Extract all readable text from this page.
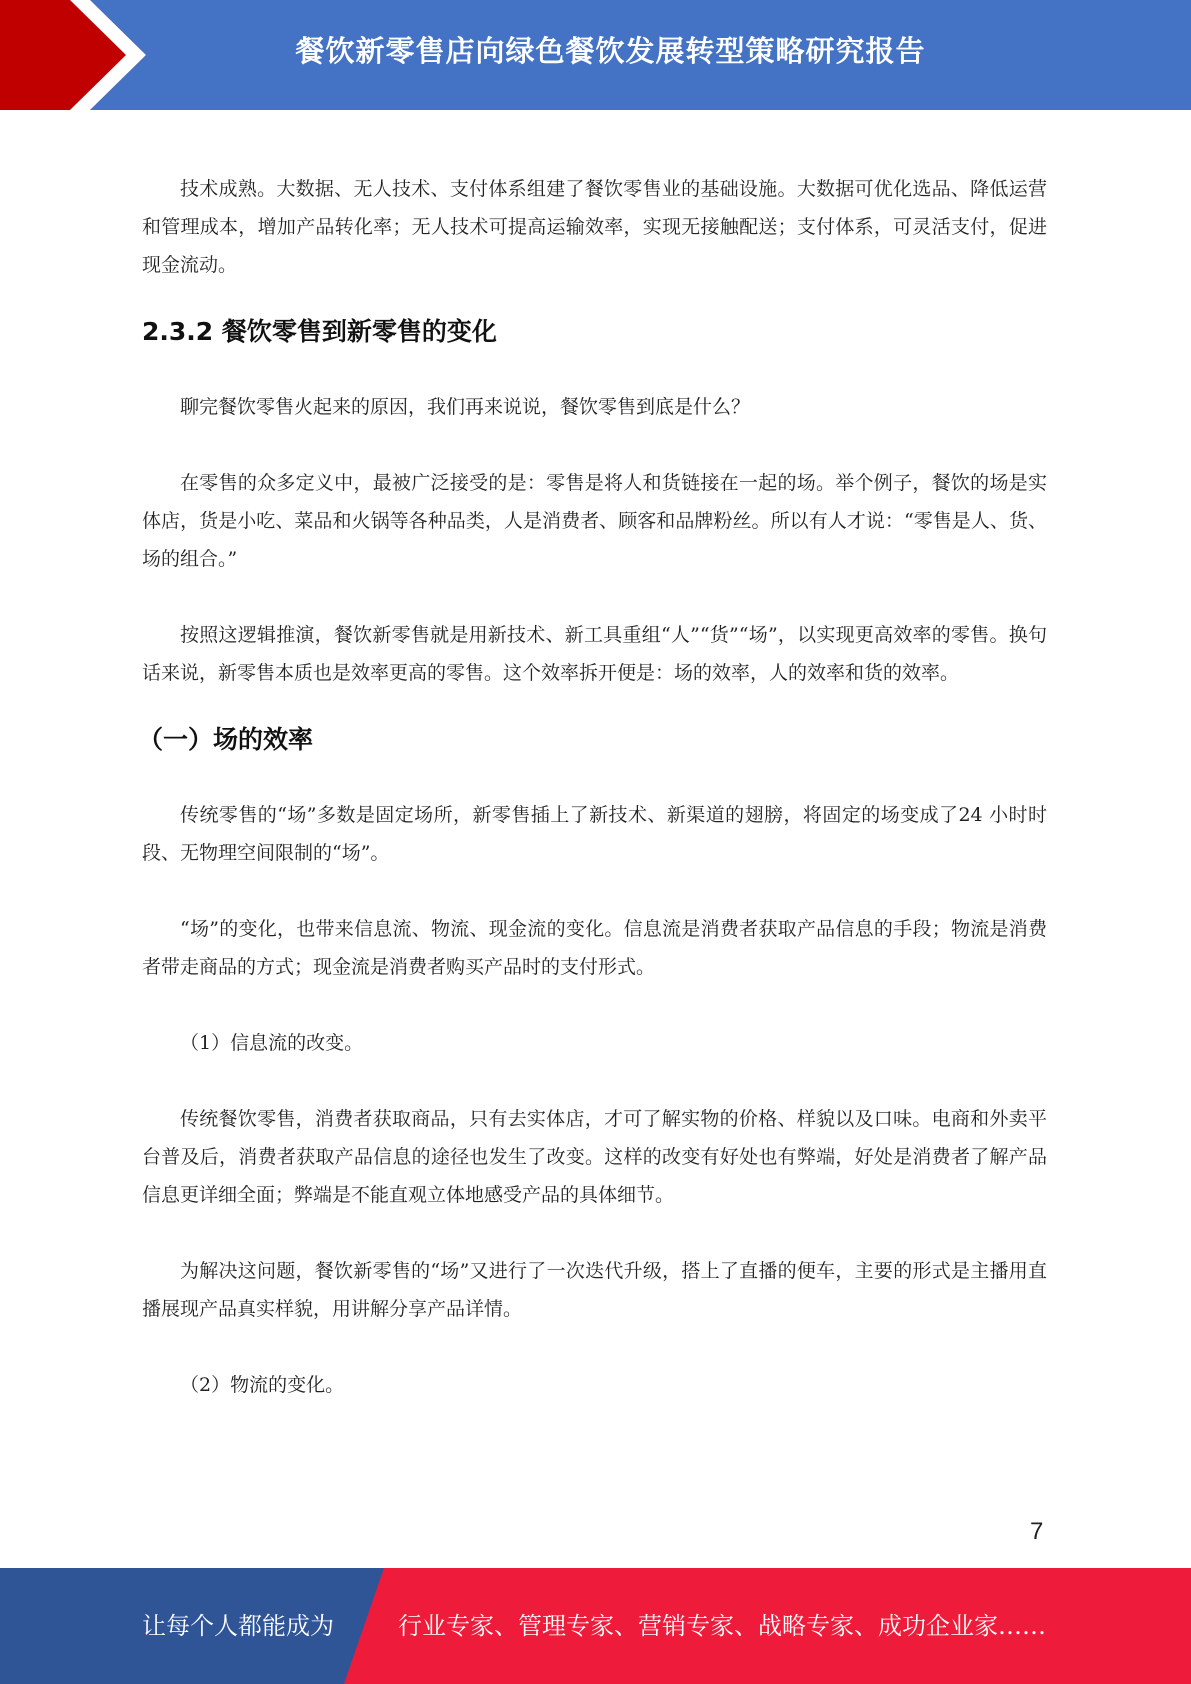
餐饮新零售店向绿色餐饮发展转型策略研究报告

技术成熟。大数据、无人技术、支付体系组建了餐饮零售业的基础设施。大数据可优化选品、降低运营和管理成本，增加产品转化率；无人技术可提高运输效率，实现无接触配送；支付体系，可灵活支付，促进现金流动。

2.3.2 餐饮零售到新零售的变化

聊完餐饮零售火起来的原因，我们再来说说，餐饮零售到底是什么？

在零售的众多定义中，最被广泛接受的是：零售是将人和货链接在一起的场。举个例子，餐饮的场是实体店，货是小吃、菜品和火锅等各种品类，人是消费者、顾客和品牌粉丝。所以有人才说：“零售是人、货、场的组合。”

按照这逻辑推演，餐饮新零售就是用新技术、新工具重组“人”“货”“场”，以实现更高效率的零售。换句话来说，新零售本质也是效率更高的零售。这个效率拆开便是：场的效率，人的效率和货的效率。

（一）场的效率

传统零售的“场”多数是固定场所，新零售插上了新技术、新渠道的翅膀，将固定的场变成了24 小时时段、无物理空间限制的“场”。

“场”的变化，也带来信息流、物流、现金流的变化。信息流是消费者获取产品信息的手段；物流是消费者带走商品的方式；现金流是消费者购买产品时的支付形式。

（1）信息流的改变。

传统餐饮零售，消费者获取商品，只有去实体店，才可了解实物的价格、样貌以及口味。电商和外卖平台普及后，消费者获取产品信息的途径也发生了改变。这样的改变有好处也有弊端，好处是消费者了解产品信息更详细全面；弊端是不能直观立体地感受产品的具体细节。

为解决这问题，餐饮新零售的“场”又进行了一次迭代升级，搭上了直播的便车，主要的形式是主播用直播展现产品真实样貌，用讲解分享产品详情。

（2）物流的变化。

7
让每个人都能成为	行业专家、管理专家、营销专家、战略专家、成功企业家……
